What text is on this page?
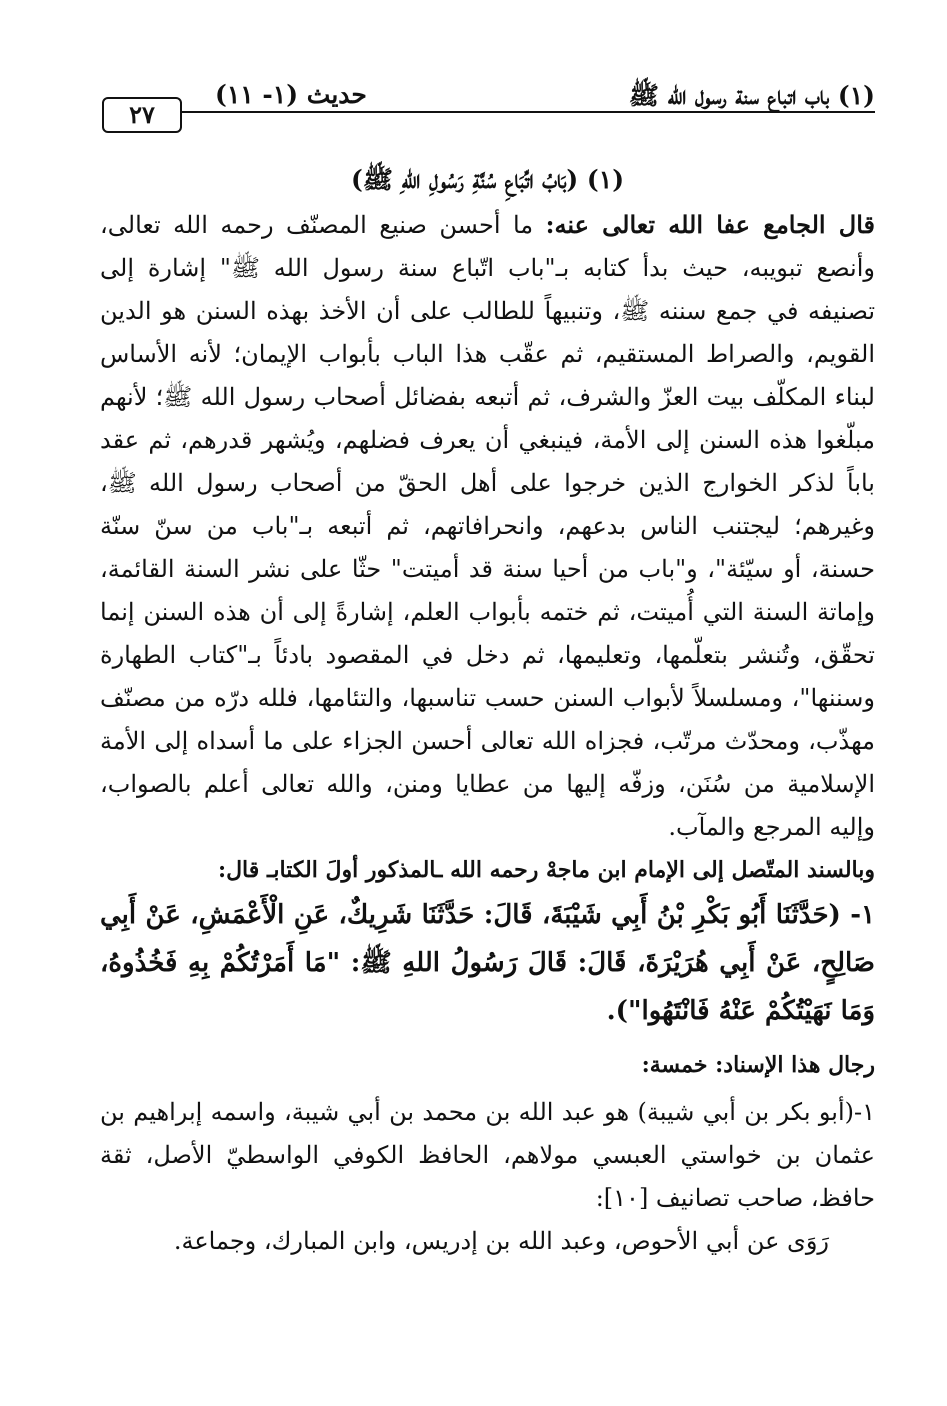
(١) باب اتباع سنة رسول الله ﷺ
حديث (١- ١١)
٢٧
(١) (بَابُ اتِّبَاعِ سُنَّةِ رَسُولِ اللهِ ﷺ)

قال الجامع عفا الله تعالى عنه: ما أحسن صنيع المصنّف رحمه الله تعالى، وأنصع تبويبه، حيث بدأ كتابه بـ"باب اتّباع سنة رسول الله ﷺ" إشارة إلى تصنيفه في جمع سننه ﷺ، وتنبيهاً للطالب على أن الأخذ بهذه السنن هو الدين القويم، والصراط المستقيم، ثم عقّب هذا الباب بأبواب الإيمان؛ لأنه الأساس لبناء المكلّف بيت العزّ والشرف، ثم أتبعه بفضائل أصحاب رسول الله ﷺ؛ لأنهم مبلّغوا هذه السنن إلى الأمة، فينبغي أن يعرف فضلهم، ويُشهر قدرهم، ثم عقد باباً لذكر الخوارج الذين خرجوا على أهل الحقّ من أصحاب رسول الله ﷺ، وغيرهم؛ ليجتنب الناس بدعهم، وانحرافاتهم، ثم أتبعه بـ"باب من سنّ سنّة حسنة، أو سيّئة"، و"باب من أحيا سنة قد أميتت" حثّا على نشر السنة القائمة، وإماتة السنة التي أُميتت، ثم ختمه بأبواب العلم، إشارةً إلى أن هذه السنن إنما تحقّق، وتُنشر بتعلّمها، وتعليمها، ثم دخل في المقصود بادئاً بـ"كتاب الطهارة وسننها"، ومسلسلاً لأبواب السنن حسب تناسبها، والتئامها، فلله درّه من مصنّف مهذّب، ومحدّث مرتّب، فجزاه الله تعالى أحسن الجزاء على ما أسداه إلى الأمة الإسلامية من سُنَن، وزفّه إليها من عطايا ومنن، والله تعالى أعلم بالصواب، وإليه المرجع والمآب.

وبالسند المتّصل إلى الإمام ابن ماجهْ رحمه الله ـالمذكور أولَ الكتابـ قال:

١- (حَدَّثَنَا أَبُو بَكْرِ بْنُ أَبِي شَيْبَةَ، قَالَ: حَدَّثَنَا شَرِيكٌ، عَنِ الْأَعْمَشِ، عَنْ أَبِي صَالِحٍ، عَنْ أَبِي هُرَيْرَةَ، قَالَ: قَالَ رَسُولُ اللهِ ﷺ: "مَا أَمَرْتُكُمْ بِهِ فَخُذُوهُ، وَمَا نَهَيْتُكُمْ عَنْهُ فَانْتَهُوا").

رجال هذا الإسناد: خمسة:

١-(أبو بكر بن أبي شيبة) هو عبد الله بن محمد بن أبي شيبة، واسمه إبراهيم بن عثمان بن خواستي العبسي مولاهم، الحافظ الكوفي الواسطيّ الأصل، ثقة حافظ، صاحب تصانيف [١٠]:

رَوَى عن أبي الأحوص، وعبد الله بن إدريس، وابن المبارك، وجماعة.
